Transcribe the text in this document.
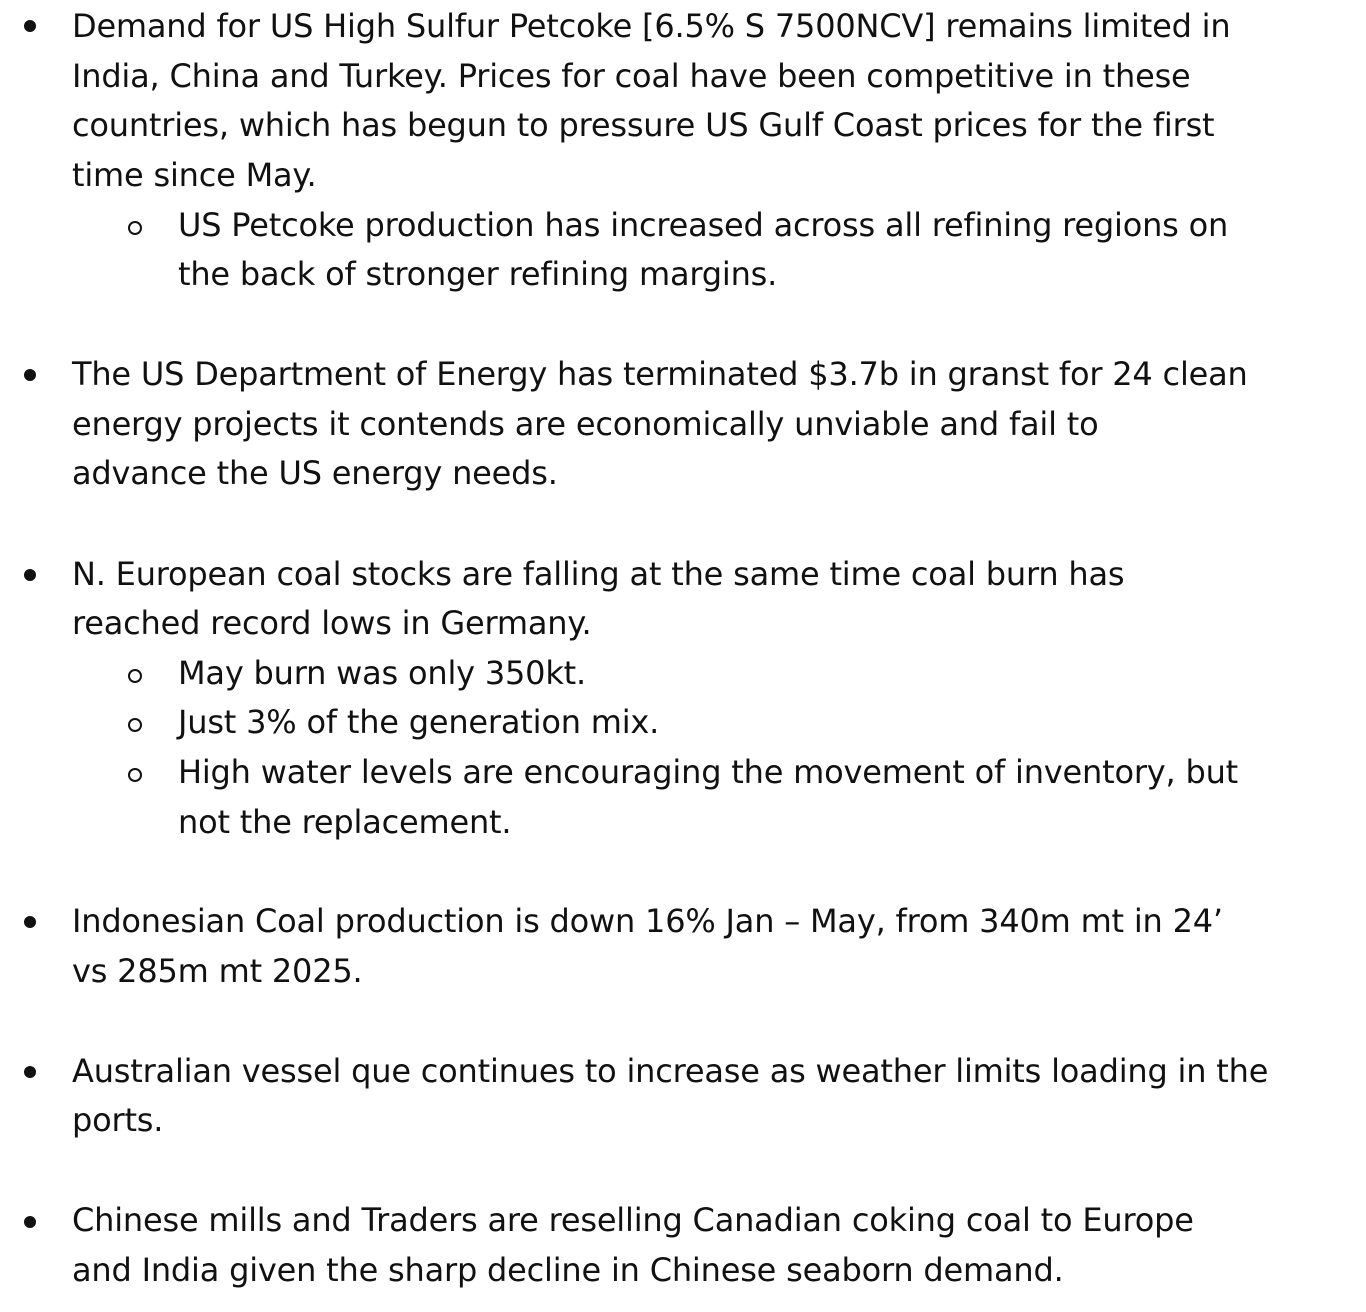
Demand for US High Sulfur Petcoke [6.5% S 7500NCV] remains limited in
India, China and Turkey. Prices for coal have been competitive in these
countries, which has begun to pressure US Gulf Coast prices for the first
time since May.
US Petcoke production has increased across all refining regions on
the back of stronger refining margins.
The US Department of Energy has terminated $3.7b in granst for 24 clean
energy projects it contends are economically unviable and fail to
advance the US energy needs.
N. European coal stocks are falling at the same time coal burn has
reached record lows in Germany.
May burn was only 350kt.
Just 3% of the generation mix.
High water levels are encouraging the movement of inventory, but
not the replacement.
Indonesian Coal production is down 16% Jan – May, from 340m mt in 24’
vs 285m mt 2025.
Australian vessel que continues to increase as weather limits loading in the
ports.
Chinese mills and Traders are reselling Canadian coking coal to Europe
and India given the sharp decline in Chinese seaborn demand.
